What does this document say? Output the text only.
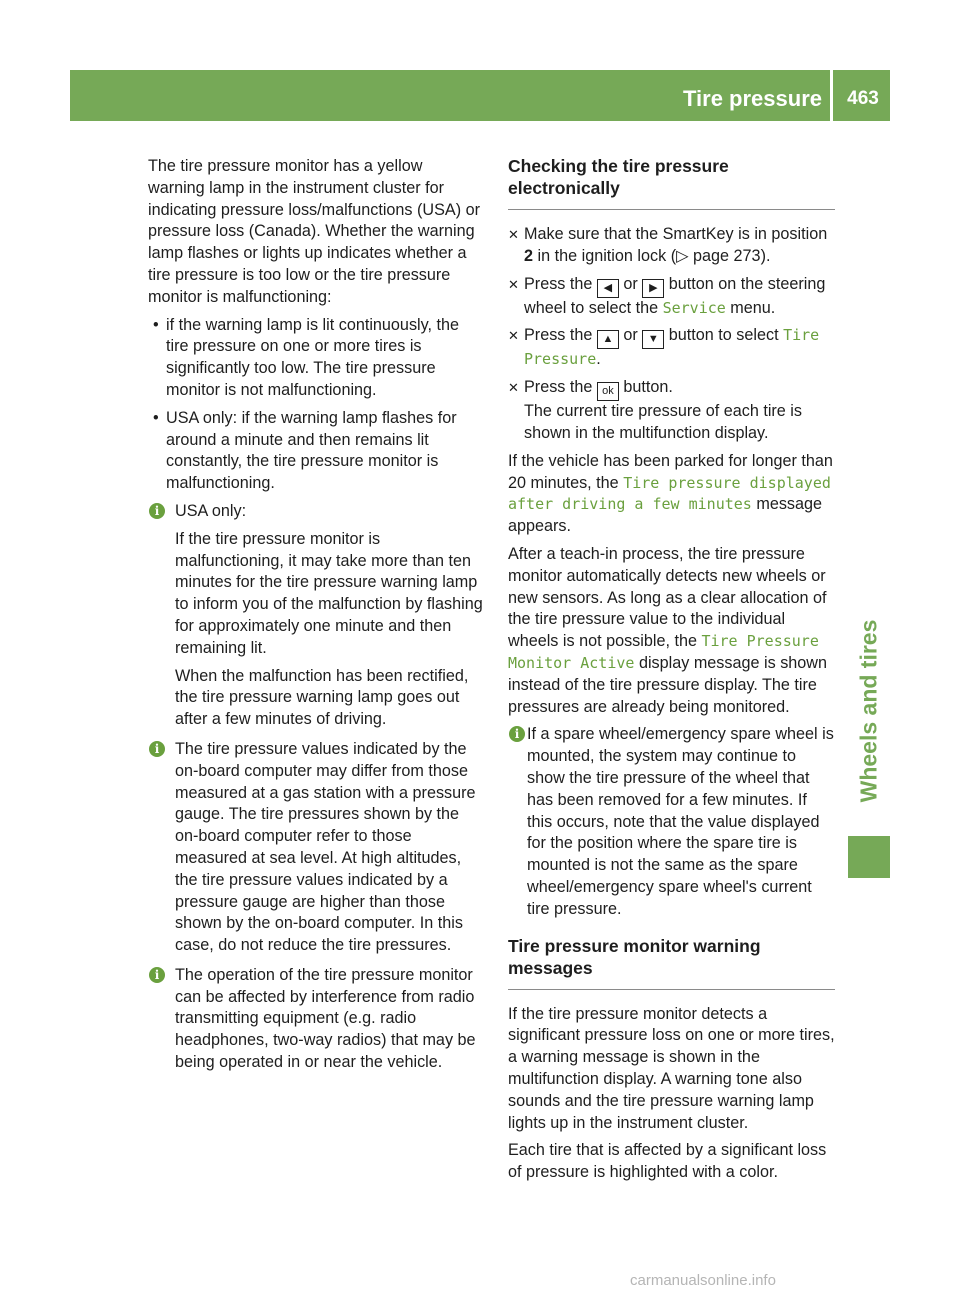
Tire pressure	463
Wheels and tires

The tire pressure monitor has a yellow warning lamp in the instrument cluster for indicating pressure loss/malfunctions (USA) or pressure loss (Canada). Whether the warning lamp flashes or lights up indicates whether a tire pressure is too low or the tire pressure monitor is malfunctioning:

• if the warning lamp is lit continuously, the tire pressure on one or more tires is significantly too low. The tire pressure monitor is not malfunctioning.
• USA only: if the warning lamp flashes for around a minute and then remains lit constantly, the tire pressure monitor is malfunctioning.
i USA only:

If the tire pressure monitor is malfunctioning, it may take more than ten minutes for the tire pressure warning lamp to inform you of the malfunction by flashing for approximately one minute and then remaining lit.

When the malfunction has been rectified, the tire pressure warning lamp goes out after a few minutes of driving.

i The tire pressure values indicated by the on-board computer may differ from those measured at a gas station with a pressure gauge. The tire pressures shown by the on-board computer refer to those measured at sea level. At high altitudes, the tire pressure values indicated by a pressure gauge are higher than those shown by the on-board computer. In this case, do not reduce the tire pressures.

i The operation of the tire pressure monitor can be affected by interference from radio transmitting equipment (e.g. radio headphones, two-way radios) that may be being operated in or near the vehicle.

Checking the tire pressure electronically
✕ Make sure that the SmartKey is in position 2 in the ignition lock (▷ page 273).
✕ Press the ◀ or ▶ button on the steering wheel to select the Service menu.
✕ Press the ▲ or ▼ button to select Tire Pressure.
✕ Press the ok button.
The current tire pressure of each tire is shown in the multifunction display.

If the vehicle has been parked for longer than 20 minutes, the Tire pressure displayed after driving a few minutes message appears.

After a teach-in process, the tire pressure monitor automatically detects new wheels or new sensors. As long as a clear allocation of the tire pressure value to the individual wheels is not possible, the Tire Pressure Monitor Active display message is shown instead of the tire pressure display. The tire pressures are already being monitored.

i If a spare wheel/emergency spare wheel is mounted, the system may continue to show the tire pressure of the wheel that has been removed for a few minutes. If this occurs, note that the value displayed for the position where the spare tire is mounted is not the same as the spare wheel/emergency spare wheel's current tire pressure.

Tire pressure monitor warning messages

If the tire pressure monitor detects a significant pressure loss on one or more tires, a warning message is shown in the multifunction display. A warning tone also sounds and the tire pressure warning lamp lights up in the instrument cluster.

Each tire that is affected by a significant loss of pressure is highlighted with a color.

carmanualsonline.info
